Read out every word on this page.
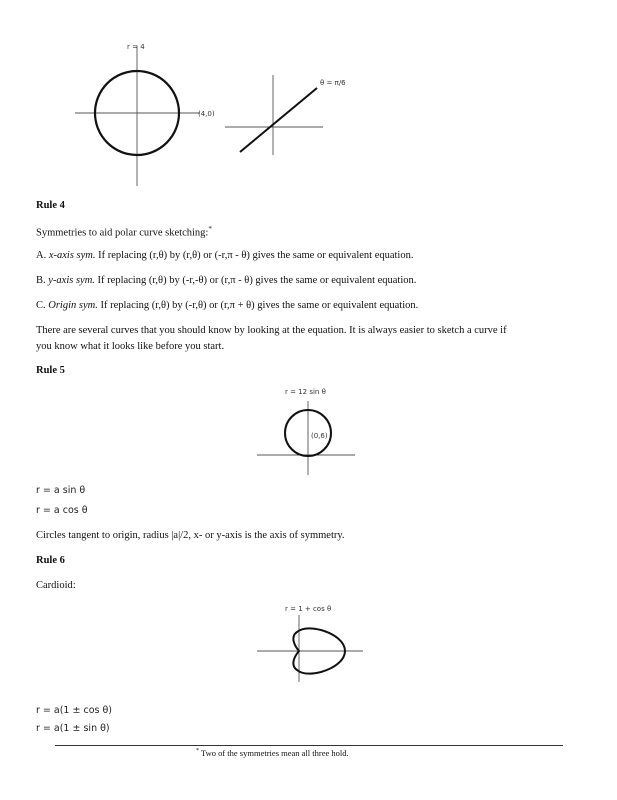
r = 4
(4,0)
θ = π/6
Rule 4
Symmetries to aid polar curve sketching:*
A. x-axis sym. If replacing (r,θ) by (r,θ) or (-r,π - θ) gives the same or equivalent equation.
B. y-axis sym. If replacing (r,θ) by (-r,-θ) or (r,π - θ) gives the same or equivalent equation.
C. Origin sym. If replacing (r,θ) by (-r,θ) or (r,π + θ) gives the same or equivalent equation.
There are several curves that you should know by looking at the equation. It is always easier to sketch a curve if
you know what it looks like before you start.
Rule 5
r = 12 sin θ
(0,6)
r = a sin θ
r = a cos θ
Circles tangent to origin, radius |a|/2, x- or y-axis is the axis of symmetry.
Rule 6
Cardioid:
r = 1 + cos θ
r = a(1 ± cos θ)
r = a(1 ± sin θ)
* Two of the symmetries mean all three hold.
